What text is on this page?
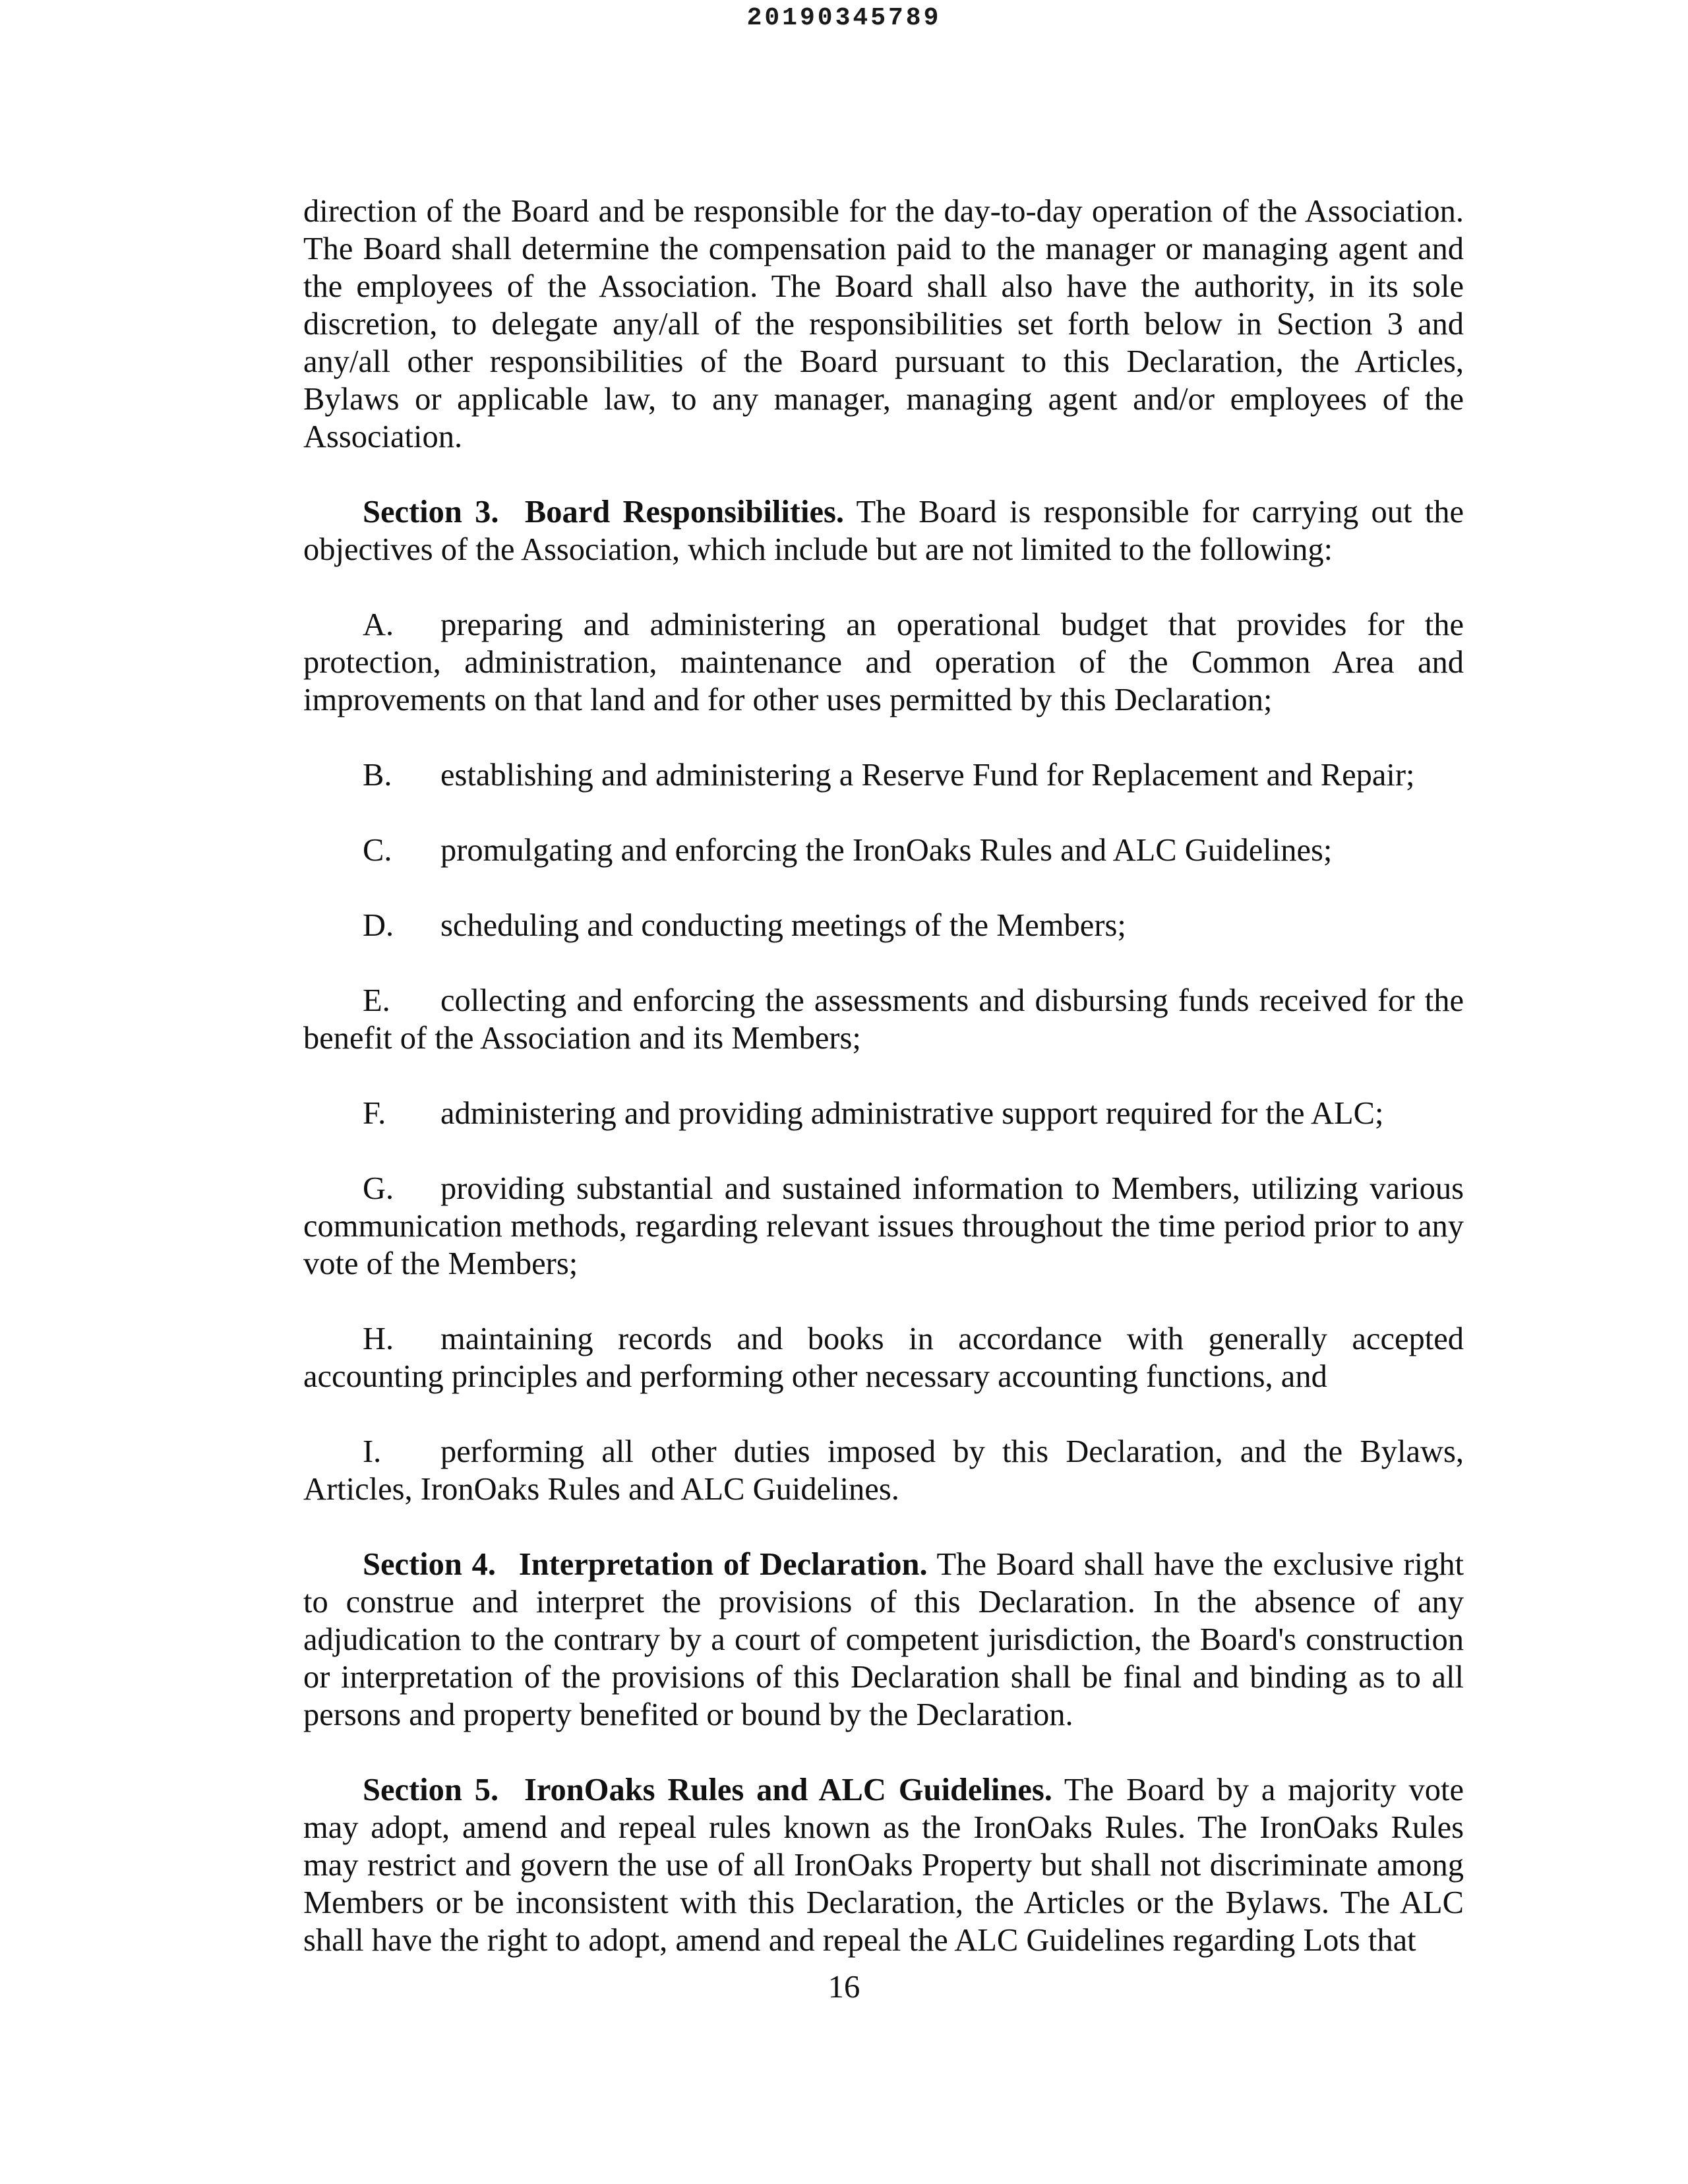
20190345789

direction of the Board and be responsible for the day-to-day operation of the Association. The Board shall determine the compensation paid to the manager or managing agent and the employees of the Association. The Board shall also have the authority, in its sole discretion, to delegate any/all of the responsibilities set forth below in Section 3 and any/all other responsibilities of the Board pursuant to this Declaration, the Articles, Bylaws or applicable law, to any manager, managing agent and/or employees of the Association.

Section 3. Board Responsibilities. The Board is responsible for carrying out the objectives of the Association, which include but are not limited to the following:

A. preparing and administering an operational budget that provides for the protection, administration, maintenance and operation of the Common Area and improvements on that land and for other uses permitted by this Declaration;

B. establishing and administering a Reserve Fund for Replacement and Repair;

C. promulgating and enforcing the IronOaks Rules and ALC Guidelines;

D. scheduling and conducting meetings of the Members;

E. collecting and enforcing the assessments and disbursing funds received for the benefit of the Association and its Members;

F. administering and providing administrative support required for the ALC;

G. providing substantial and sustained information to Members, utilizing various communication methods, regarding relevant issues throughout the time period prior to any vote of the Members;

H. maintaining records and books in accordance with generally accepted accounting principles and performing other necessary accounting functions, and

I. performing all other duties imposed by this Declaration, and the Bylaws, Articles, IronOaks Rules and ALC Guidelines.

Section 4. Interpretation of Declaration. The Board shall have the exclusive right to construe and interpret the provisions of this Declaration. In the absence of any adjudication to the contrary by a court of competent jurisdiction, the Board's construction or interpretation of the provisions of this Declaration shall be final and binding as to all persons and property benefited or bound by the Declaration.

Section 5. IronOaks Rules and ALC Guidelines. The Board by a majority vote may adopt, amend and repeal rules known as the IronOaks Rules. The IronOaks Rules may restrict and govern the use of all IronOaks Property but shall not discriminate among Members or be inconsistent with this Declaration, the Articles or the Bylaws. The ALC shall have the right to adopt, amend and repeal the ALC Guidelines regarding Lots that

16
